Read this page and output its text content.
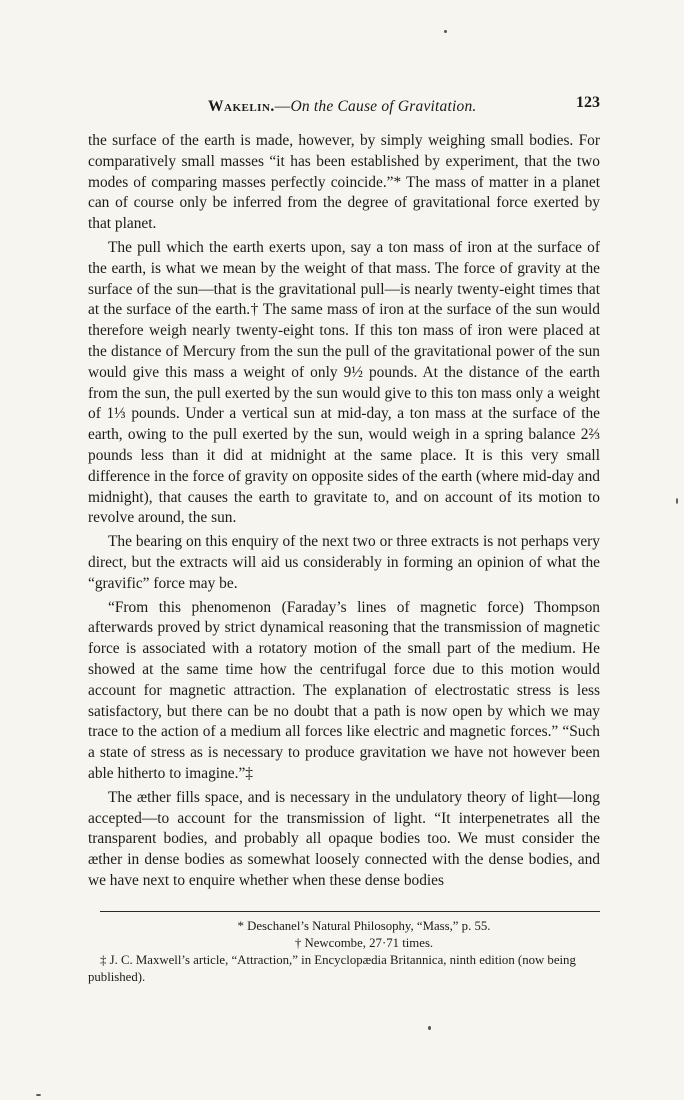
Wakelin.—On the Cause of Gravitation.	123

the surface of the earth is made, however, by simply weighing small bodies. For comparatively small masses “it has been established by experiment, that the two modes of comparing masses perfectly coincide.”* The mass of matter in a planet can of course only be inferred from the degree of gravitational force exerted by that planet.

The pull which the earth exerts upon, say a ton mass of iron at the surface of the earth, is what we mean by the weight of that mass. The force of gravity at the surface of the sun—that is the gravitational pull—is nearly twenty-eight times that at the surface of the earth.† The same mass of iron at the surface of the sun would therefore weigh nearly twenty-eight tons. If this ton mass of iron were placed at the distance of Mercury from the sun the pull of the gravitational power of the sun would give this mass a weight of only 9½ pounds. At the distance of the earth from the sun, the pull exerted by the sun would give to this ton mass only a weight of 1⅓ pounds. Under a vertical sun at mid-day, a ton mass at the surface of the earth, owing to the pull exerted by the sun, would weigh in a spring balance 2⅔ pounds less than it did at midnight at the same place. It is this very small difference in the force of gravity on opposite sides of the earth (where mid-day and midnight), that causes the earth to gravitate to, and on account of its motion to revolve around, the sun.

The bearing on this enquiry of the next two or three extracts is not perhaps very direct, but the extracts will aid us considerably in forming an opinion of what the “gravific” force may be.

“From this phenomenon (Faraday’s lines of magnetic force) Thompson afterwards proved by strict dynamical reasoning that the transmission of magnetic force is associated with a rotatory motion of the small part of the medium. He showed at the same time how the centrifugal force due to this motion would account for magnetic attraction. The explanation of electrostatic stress is less satisfactory, but there can be no doubt that a path is now open by which we may trace to the action of a medium all forces like electric and magnetic forces.” “Such a state of stress as is necessary to produce gravitation we have not however been able hitherto to imagine.”‡

The æther fills space, and is necessary in the undulatory theory of light—long accepted—to account for the transmission of light. “It interpenetrates all the transparent bodies, and probably all opaque bodies too. We must consider the æther in dense bodies as somewhat loosely connected with the dense bodies, and we have next to enquire whether when these dense bodies

* Deschanel’s Natural Philosophy, “Mass,” p. 55.

† Newcombe, 27·71 times.

‡ J. C. Maxwell’s article, “Attraction,” in Encyclopædia Britannica, ninth edition (now being published).
